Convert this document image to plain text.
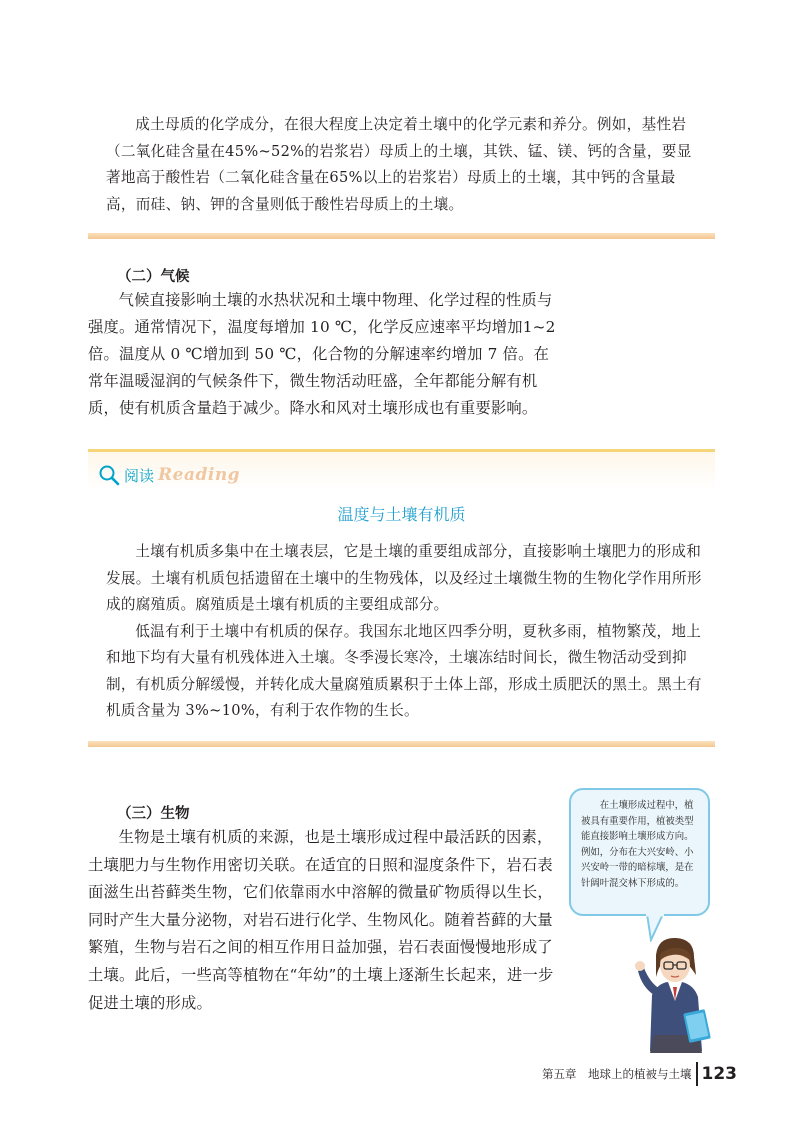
成土母质的化学成分，在很大程度上决定着土壤中的化学元素和养分。例如，基性岩（二氧化硅含量在45%~52%的岩浆岩）母质上的土壤，其铁、锰、镁、钙的含量，要显著地高于酸性岩（二氧化硅含量在65%以上的岩浆岩）母质上的土壤，其中钙的含量最高，而硅、钠、钾的含量则低于酸性岩母质上的土壤。
（二）气候
气候直接影响土壤的水热状况和土壤中物理、化学过程的性质与强度。通常情况下，温度每增加 10 ℃，化学反应速率平均增加1~2 倍。温度从 0 ℃增加到 50 ℃，化合物的分解速率约增加 7 倍。在常年温暖湿润的气候条件下，微生物活动旺盛，全年都能分解有机质，使有机质含量趋于减少。降水和风对土壤形成也有重要影响。
阅读 Reading
温度与土壤有机质

土壤有机质多集中在土壤表层，它是土壤的重要组成部分，直接影响土壤肥力的形成和发展。土壤有机质包括遗留在土壤中的生物残体，以及经过土壤微生物的生物化学作用所形成的腐殖质。腐殖质是土壤有机质的主要组成部分。

低温有利于土壤中有机质的保存。我国东北地区四季分明，夏秋多雨，植物繁茂，地上和地下均有大量有机残体进入土壤。冬季漫长寒冷，土壤冻结时间长，微生物活动受到抑制，有机质分解缓慢，并转化成大量腐殖质累积于土体上部，形成土质肥沃的黑土。黑土有机质含量为 3%~10%，有利于农作物的生长。

（三）生物
生物是土壤有机质的来源，也是土壤形成过程中最活跃的因素，土壤肥力与生物作用密切关联。在适宜的日照和湿度条件下，岩石表面滋生出苔藓类生物，它们依靠雨水中溶解的微量矿物质得以生长，同时产生大量分泌物，对岩石进行化学、生物风化。随着苔藓的大量繁殖，生物与岩石之间的相互作用日益加强，岩石表面慢慢地形成了土壤。此后，一些高等植物在“年幼”的土壤上逐渐生长起来，进一步促进土壤的形成。

在土壤形成过程中，植被具有重要作用，植被类型能直接影响土壤形成方向。例如，分布在大兴安岭、小兴安岭一带的暗棕壤，是在针阔叶混交林下形成的。

第五章　地球上的植被与土壤 123
